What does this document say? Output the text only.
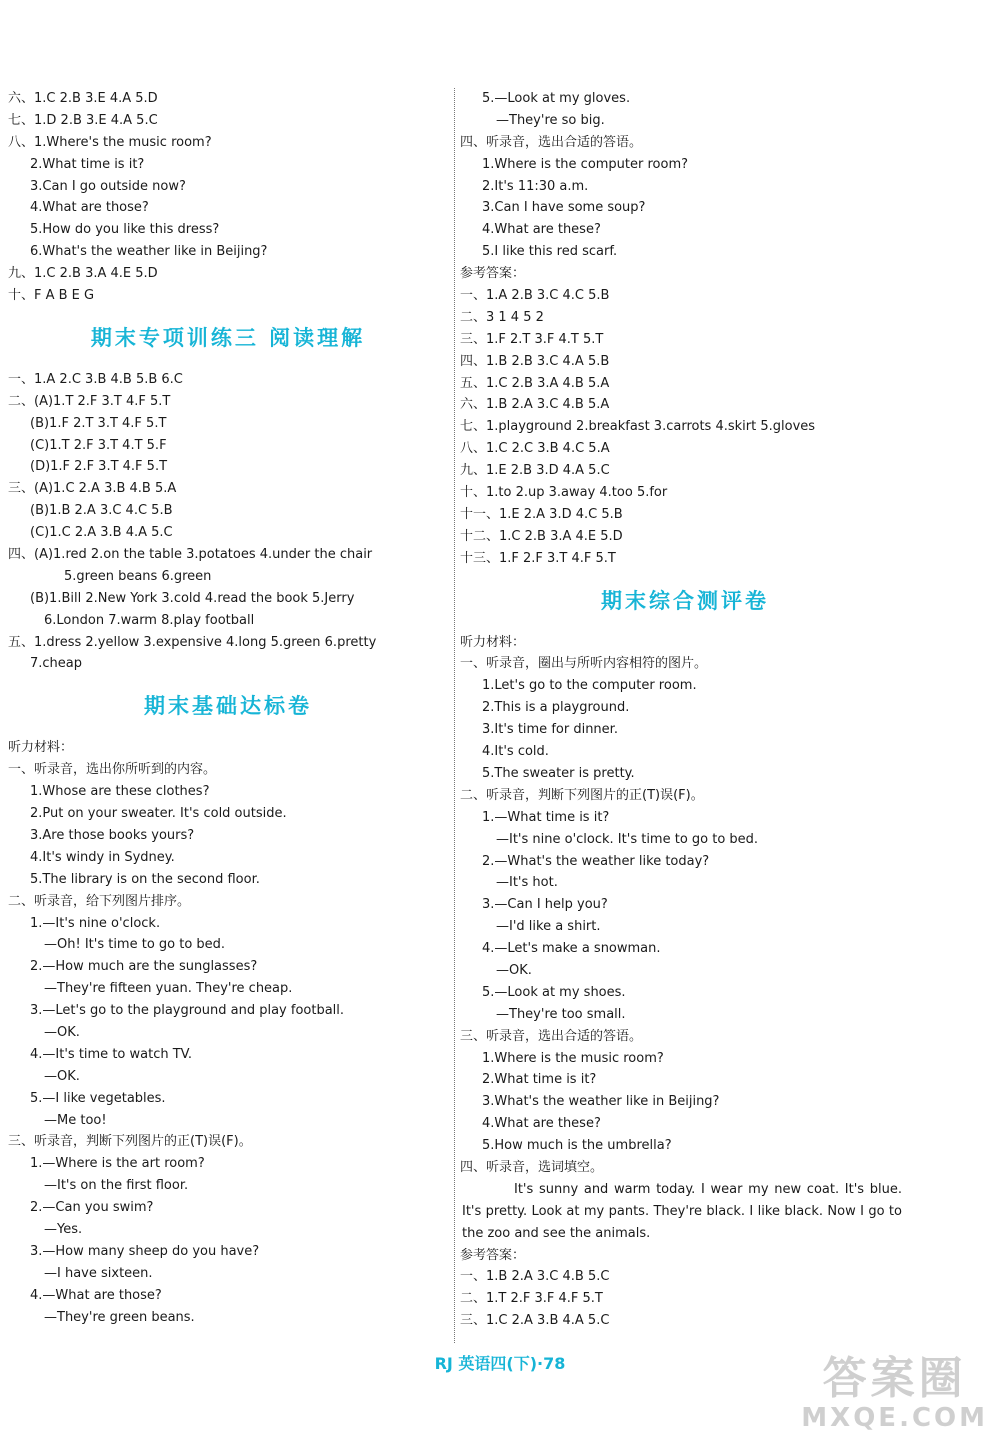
六、1.C 2.B 3.E 4.A 5.D
七、1.D 2.B 3.E 4.A 5.C
八、1.Where's the music room?
2.What time is it?
3.Can I go outside now?
4.What are those?
5.How do you like this dress?
6.What's the weather like in Beijing?
九、1.C 2.B 3.A 4.E 5.D
十、F A B E G
期末专项训练三 阅读理解
一、1.A 2.C 3.B 4.B 5.B 6.C
二、(A)1.T 2.F 3.T 4.F 5.T
(B)1.F 2.T 3.T 4.F 5.T
(C)1.T 2.F 3.T 4.T 5.F
(D)1.F 2.F 3.T 4.F 5.T
三、(A)1.C 2.A 3.B 4.B 5.A
(B)1.B 2.A 3.C 4.C 5.B
(C)1.C 2.A 3.B 4.A 5.C
四、(A)1.red 2.on the table 3.potatoes 4.under the chair
5.green beans 6.green
(B)1.Bill 2.New York 3.cold 4.read the book 5.Jerry
6.London 7.warm 8.play football
五、1.dress 2.yellow 3.expensive 4.long 5.green 6.pretty
7.cheap
期末基础达标卷
听力材料：
一、听录音，选出你所听到的内容。
1.Whose are these clothes?
2.Put on your sweater. It's cold outside.
3.Are those books yours?
4.It's windy in Sydney.
5.The library is on the second floor.
二、听录音，给下列图片排序。
1.—It's nine o'clock.
—Oh! It's time to go to bed.
2.—How much are the sunglasses?
—They're fifteen yuan. They're cheap.
3.—Let's go to the playground and play football.
—OK.
4.—It's time to watch TV.
—OK.
5.—I like vegetables.
—Me too!
三、听录音，判断下列图片的正(T)误(F)。
1.—Where is the art room?
—It's on the first floor.
2.—Can you swim?
—Yes.
3.—How many sheep do you have?
—I have sixteen.
4.—What are those?
—They're green beans.
5.—Look at my gloves.
—They're so big.
四、听录音，选出合适的答语。
1.Where is the computer room?
2.It's 11:30 a.m.
3.Can I have some soup?
4.What are these?
5.I like this red scarf.
参考答案：
一、1.A 2.B 3.C 4.C 5.B
二、3 1 4 5 2
三、1.F 2.T 3.F 4.T 5.T
四、1.B 2.B 3.C 4.A 5.B
五、1.C 2.B 3.A 4.B 5.A
六、1.B 2.A 3.C 4.B 5.A
七、1.playground 2.breakfast 3.carrots 4.skirt 5.gloves
八、1.C 2.C 3.B 4.C 5.A
九、1.E 2.B 3.D 4.A 5.C
十、1.to 2.up 3.away 4.too 5.for
十一、1.E 2.A 3.D 4.C 5.B
十二、1.C 2.B 3.A 4.E 5.D
十三、1.F 2.F 3.T 4.F 5.T
期末综合测评卷
听力材料：
一、听录音，圈出与所听内容相符的图片。
1.Let's go to the computer room.
2.This is a playground.
3.It's time for dinner.
4.It's cold.
5.The sweater is pretty.
二、听录音，判断下列图片的正(T)误(F)。
1.—What time is it?
—It's nine o'clock. It's time to go to bed.
2.—What's the weather like today?
—It's hot.
3.—Can I help you?
—I'd like a shirt.
4.—Let's make a snowman.
—OK.
5.—Look at my shoes.
—They're too small.
三、听录音，选出合适的答语。
1.Where is the music room?
2.What time is it?
3.What's the weather like in Beijing?
4.What are these?
5.How much is the umbrella?
四、听录音，选词填空。
It's sunny and warm today. I wear my new coat. It's blue. It's pretty. Look at my pants. They're black. I like black. Now I go to the zoo and see the animals.
参考答案：
一、1.B 2.A 3.C 4.B 5.C
二、1.T 2.F 3.F 4.F 5.T
三、1.C 2.A 3.B 4.A 5.C
RJ 英语四(下)·78	答案圈
MXQE.COM
